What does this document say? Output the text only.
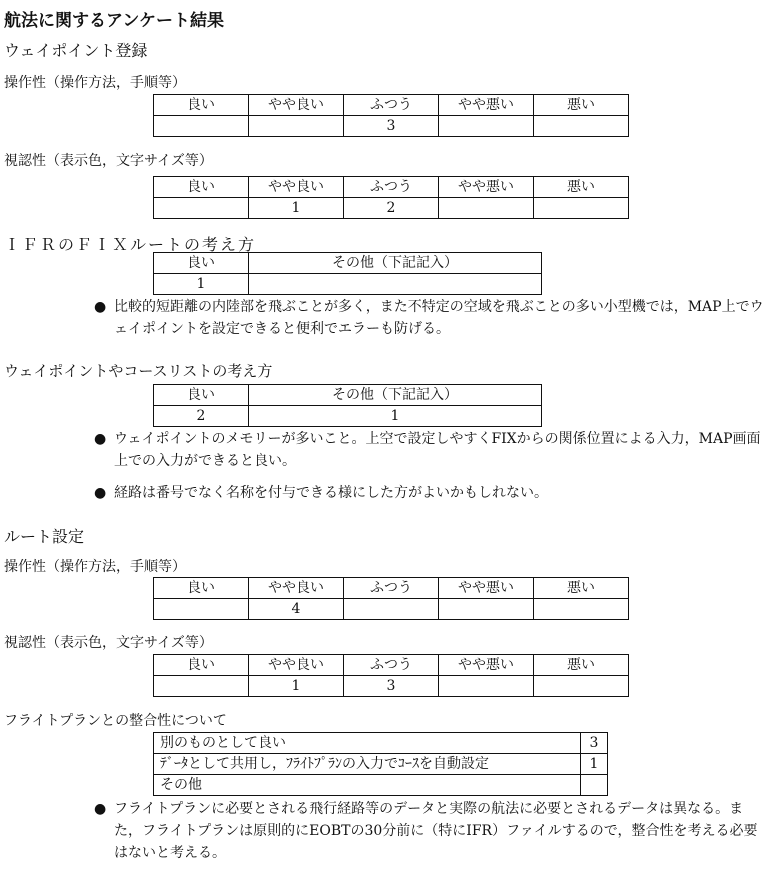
航法に関するアンケート結果
ウェイポイント登録
操作性（操作方法，手順等）
良い	やや良い	ふつう	やや悪い	悪い
		3		
視認性（表示色，文字サイズ等）
良い	やや良い	ふつう	やや悪い	悪い
	1	2		
ＩＦＲのＦＩＸルートの考え方
良い	その他（下記記入）
1	
● 比較的短距離の内陸部を飛ぶことが多く，また不特定の空域を飛ぶことの多い小型機では，MAP上でウェイポイントを設定できると便利でエラーも防げる。
ウェイポイントやコースリストの考え方
良い	その他（下記記入）
2	1
● ウェイポイントのメモリーが多いこと。上空で設定しやすくFIXからの関係位置による入力，MAP画面上での入力ができると良い。
● 経路は番号でなく名称を付与できる様にした方がよいかもしれない。
ルート設定
操作性（操作方法，手順等）
良い	やや良い	ふつう	やや悪い	悪い
	4			
視認性（表示色，文字サイズ等）
良い	やや良い	ふつう	やや悪い	悪い
	1	3		
フライトプランとの整合性について
別のものとして良い	3
ﾃﾞｰﾀとして共用し，ﾌﾗｲﾄﾌﾟﾗﾝの入力でｺｰｽを自動設定	1
その他	
● フライトプランに必要とされる飛行経路等のデータと実際の航法に必要とされるデータは異なる。また，フライトプランは原則的にEOBTの30分前に（特にIFR）ファイルするので，整合性を考える必要はないと考える。
